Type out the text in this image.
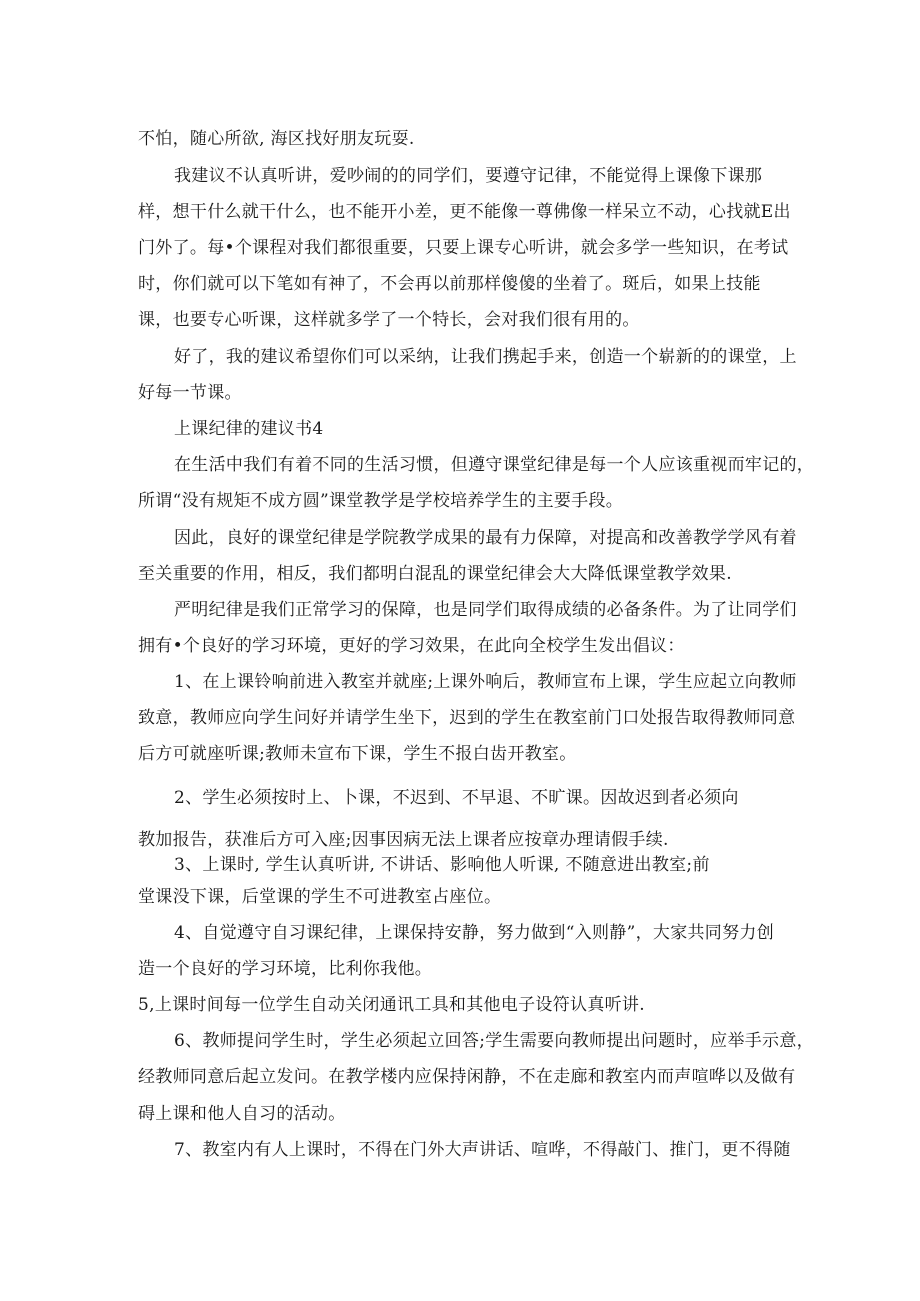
不怕，随心所欲, 海区找好朋友玩耍.
我建议不认真听讲，爱吵闹的的同学们，要遵守记律，不能觉得上课像下课那
样，想干什么就干什么，也不能开小差，更不能像一尊佛像一样呆立不动，心找就E出
门外了。每•个课程对我们都很重要，只要上课专心听讲，就会多学一些知识，在考试
时，你们就可以下笔如有神了，不会再以前那样傻傻的坐着了。斑后，如果上技能
课，也要专心听课，这样就多学了一个特长，会对我们很有用的。
好了，我的建议希望你们可以采纳，让我们携起手来，创造一个崭新的的课堂，上
好每一节课。
上课纪律的建议书4
在生活中我们有着不同的生活习惯，但遵守课堂纪律是每一个人应该重视而牢记的，
所谓“没有规矩不成方圆”课堂教学是学校培养学生的主要手段。
因此，良好的课堂纪律是学院教学成果的最有力保障，对提高和改善教学学风有着
至关重要的作用，相反，我们都明白混乱的课堂纪律会大大降低课堂教学效果.
严明纪律是我们正常学习的保障，也是同学们取得成绩的必备条件。为了让同学们
拥有•个良好的学习环境，更好的学习效果，在此向全校学生发出倡议：
1、在上课铃响前进入教室并就座;上课外响后，教师宣布上课，学生应起立向教师
致意，教师应向学生问好并请学生坐下，迟到的学生在教室前门口处报告取得教师同意
后方可就座听课;教师未宣布下课，学生不报白齿开教室。
2、学生必须按时上、卜课，不迟到、不早退、不旷课。因故迟到者必须向
教加报告，获准后方可入座;因事因病无法上课者应按章办理请假手续.
3、上课时, 学生认真听讲, 不讲话、影响他人听课, 不随意进出教室;前
堂课没下课，后堂课的学生不可进教室占座位。
4、自觉遵守自习课纪律，上课保持安静，努力做到“入则静”，大家共同努力创
造一个良好的学习环境，比利你我他。
5,上课时间每一位学生自动关闭通讯工具和其他电子设符认真听讲.
6、教师提问学生时，学生必须起立回答;学生需要向教师提出问题时，应举手示意，
经教师同意后起立发问。在教学楼内应保持闲静，不在走廊和教室内而声喧哗以及做有
碍上课和他人自习的活动。
7、教室内有人上课时，不得在门外大声讲话、喧哗，不得敲门、推门，更不得随
